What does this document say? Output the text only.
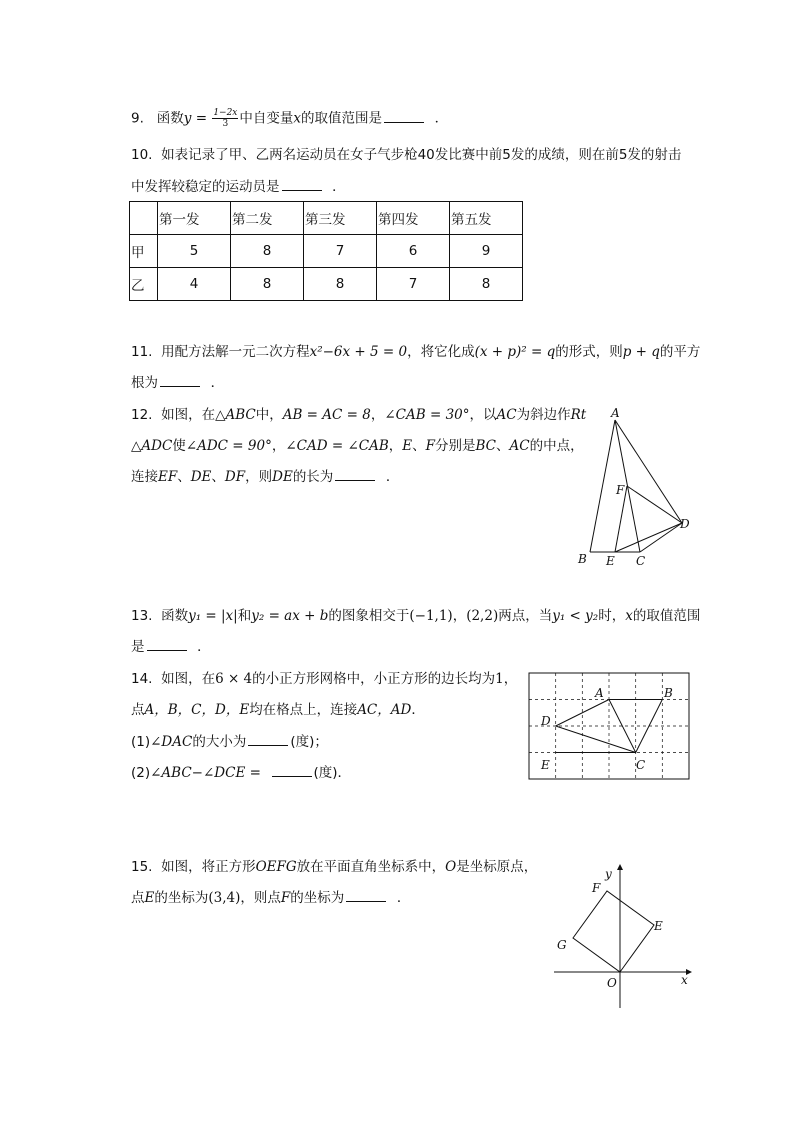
9. 函数$y = \frac{1-2x}{3}$ 中自变量x的取值范围是	．
10. 如表记录了甲、乙两名运动员在女子气步枪40发比赛中前5发的成绩，则在前5发的射击
中发挥较稳定的运动员是	．
	第一发	第二发	第三发	第四发	第五发
甲	5	8	7	6	9
乙	4	8	8	7	8
11. 用配方法解一元二次方程x²−6x + 5 = 0，将它化成(x + p)² = q的形式，则p + q的平方
根为	．
12. 如图，在△ABC中，AB = AC = 8，∠CAB = 30°，以AC为斜边作Rt
△ADC使∠ADC = 90°，∠CAD = ∠CAB，E、F分别是BC、AC的中点，
连接EF、DE、DF，则DE的长为	．
A
B E C
F
D
13. 函数y₁ = |x|和y₂ = ax + b的图象相交于(−1,1)，(2,2)两点，当y₁ < y₂时，x的取值范围
是	．
14. 如图，在6 × 4的小正方形网格中，小正方形的边长均为1，
点A，B，C，D，E均在格点上，连接AC，AD．
(1)∠DAC的大小为	(度)；
(2)∠ABC−∠DCE =	(度)．
A	B
C
D
E
15. 如图，将正方形OEFG放在平面直角坐标系中，O是坐标原点，
点E的坐标为(3,4)，则点F的坐标为	．
O
E
F
G
x
y
